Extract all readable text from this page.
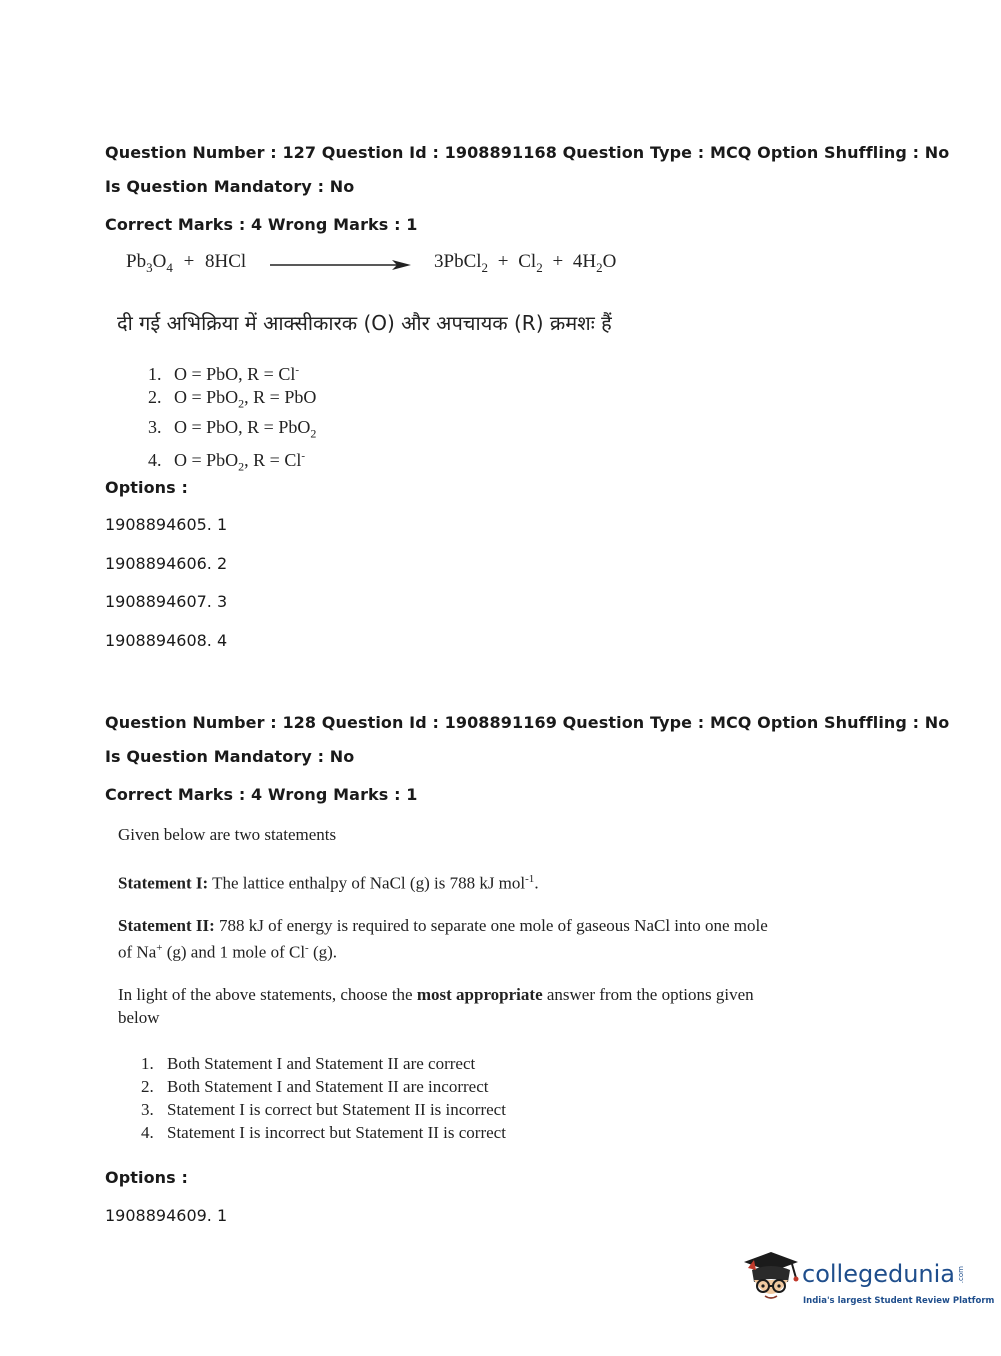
Question Number : 127 Question Id : 1908891168 Question Type : MCQ Option Shuffling : No
Is Question Mandatory : No
Correct Marks : 4 Wrong Marks : 1
$Pb_3O_4 + 8HCl$	3PbCl$_2$ + $Cl_2 + 4H_2O$
दी गई अभिक्रिया में आक्सीकारक (O) और अपचायक (R) क्रमशः हैं
1. O = PbO, R = Cl-
2. O = PbO$_2$, R = PbO
3. O = PbO, R = PbO$_2$
4. O = PbO$_2$, R = Cl-
Options :
1908894605. 1
1908894606. 2
1908894607. 3
1908894608. 4
Question Number : 128 Question Id : 1908891169 Question Type : MCQ Option Shuffling : No
Is Question Mandatory : No
Correct Marks : 4 Wrong Marks : 1
Given below are two statements
Statement I: The lattice enthalpy of NaCl (g) is 788 kJ mol$^{-1}$.
Statement II: 788 kJ of energy is required to separate one mole of gaseous NaCl into one mole
of Na+ (g) and 1 mole of Cl- (g).
In light of the above statements, choose the most appropriate answer from the options given
below
1. Both Statement I and Statement II are correct
2. Both Statement I and Statement II are incorrect
3. Statement I is correct but Statement II is incorrect
4. Statement I is incorrect but Statement II is correct
Options :
1908894609. 1
collegedunia .com
India's largest Student Review Platform
